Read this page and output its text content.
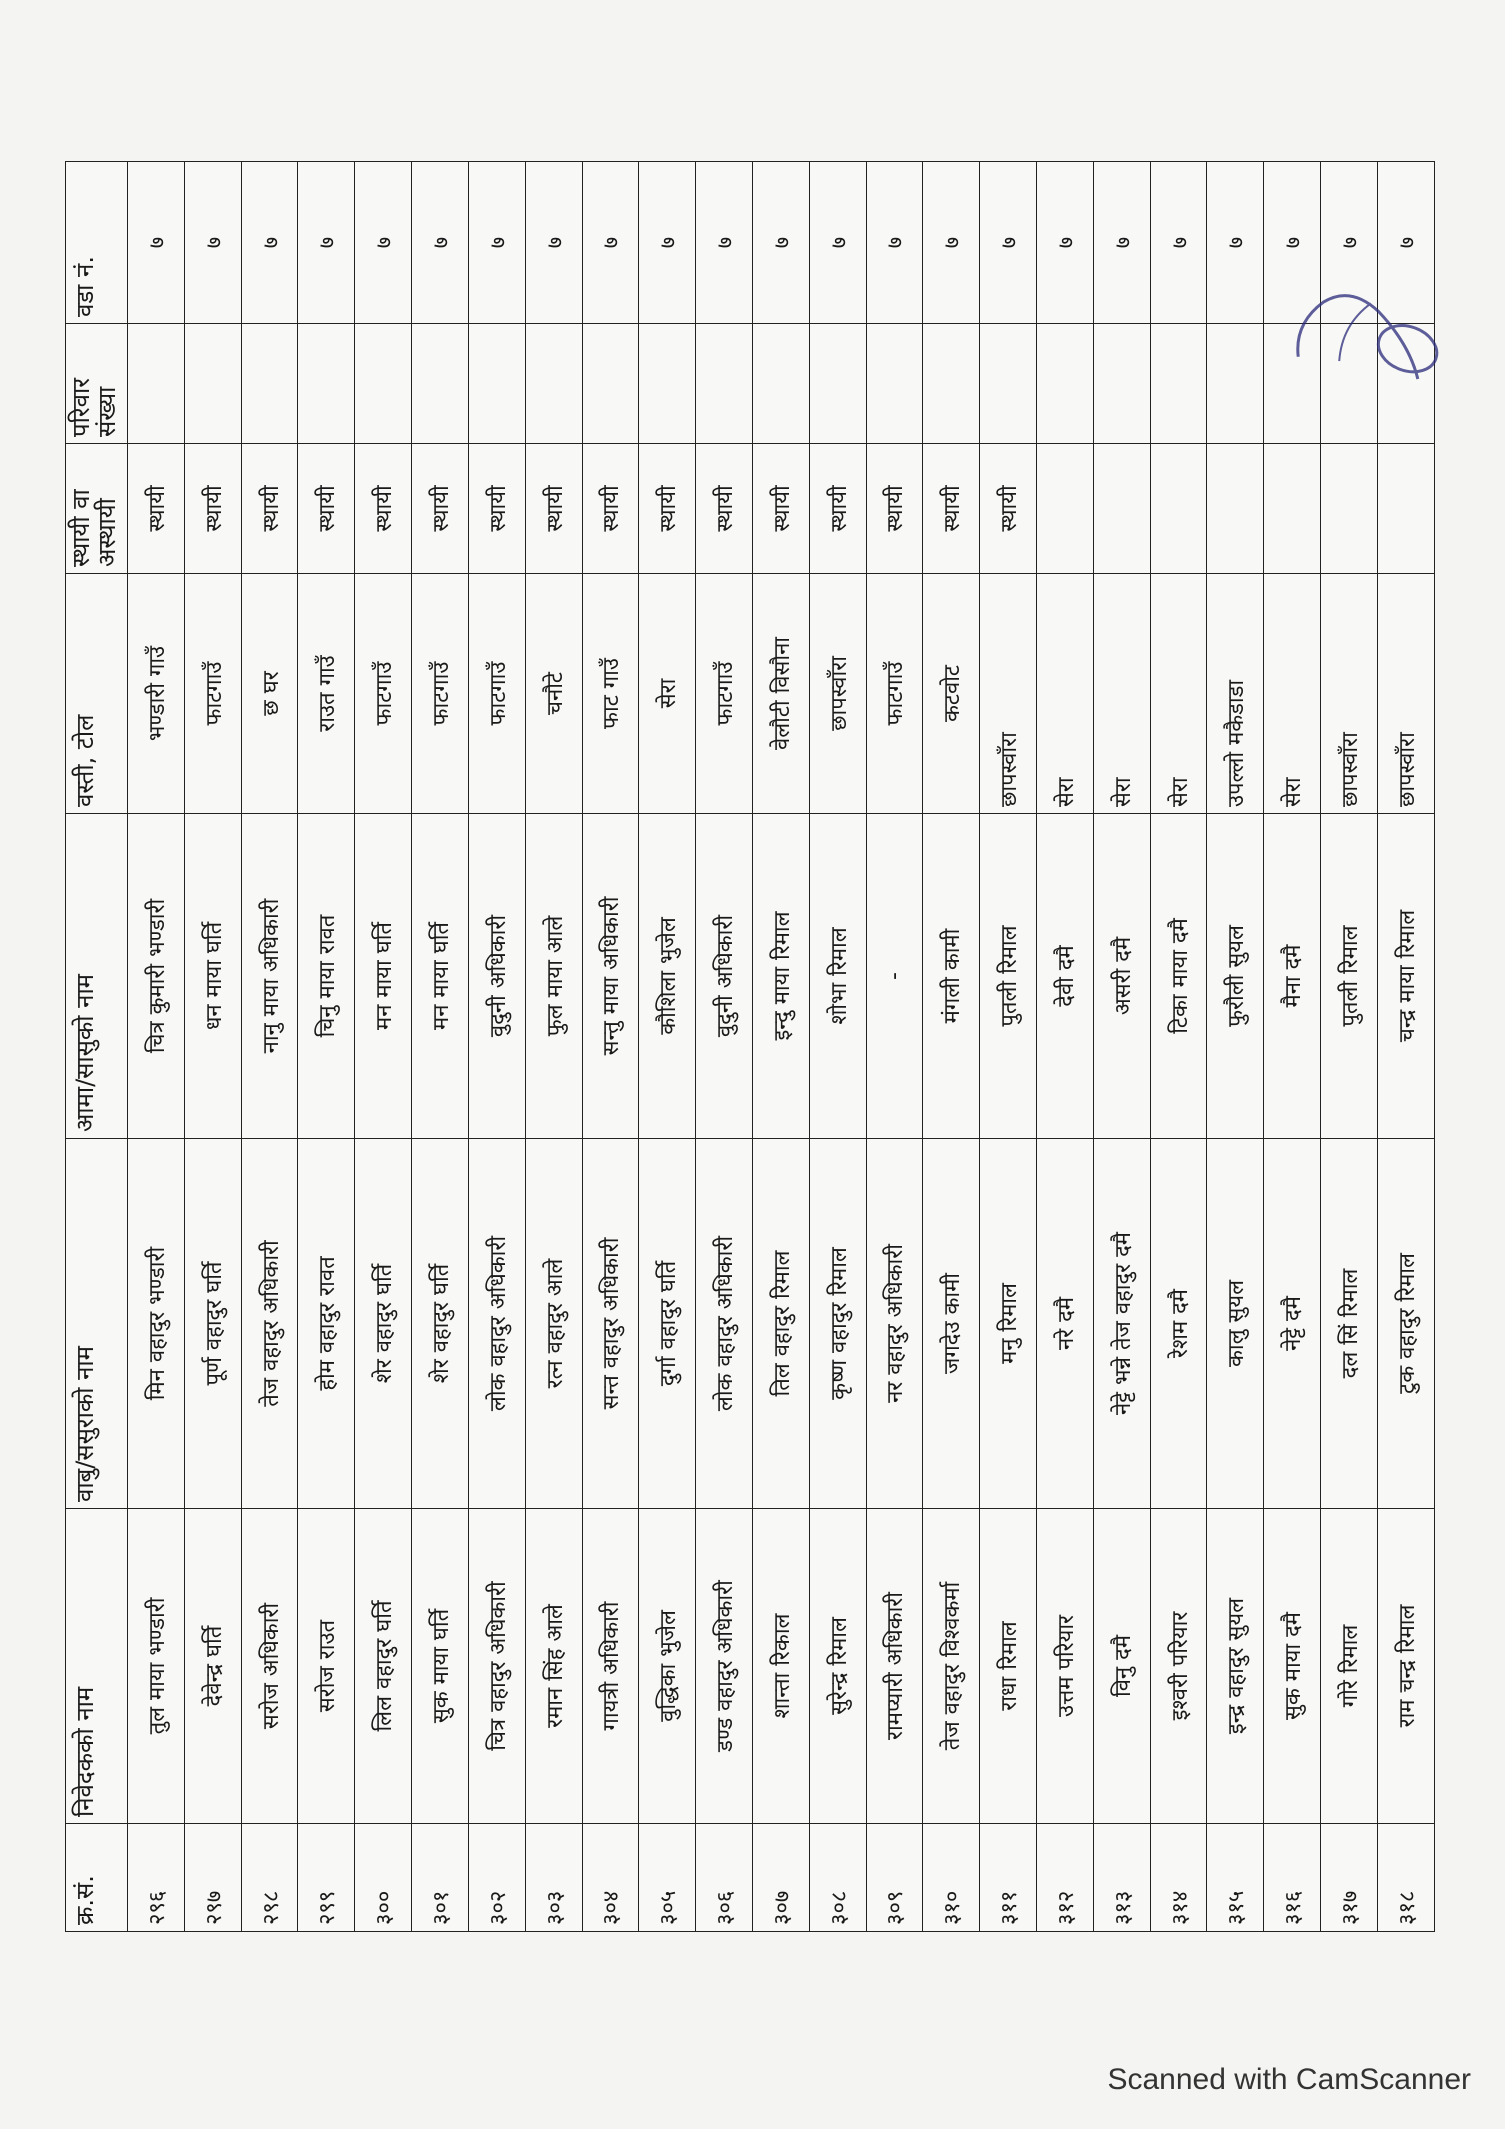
क्र.सं.	निवेदकको नाम	वाबु/ससुराको नाम	आमा/सासुको नाम	वस्ती, टोल	स्थायी वा अस्थायी	परिवार संख्या	वडा नं.
२९६	तुल माया भण्डारी	मिन वहादुर भण्डारी	चित्र कुमारी भण्डारी	भण्डारी गाउँ	स्थायी		७
२९७	देवेन्द्र घर्ति	पूर्ण वहादुर घर्ति	धन माया घर्ति	फाटगाउँ	स्थायी		७
२९८	सरोज अधिकारी	तेज वहादुर अधिकारी	नानु माया अधिकारी	छ घर	स्थायी		७
२९९	सरोज राउत	होम वहादुर रावत	चिनु माया रावत	राउत गाउँ	स्थायी		७
३००	लिल वहादुर घर्ति	शेर वहादुर घर्ति	मन माया घर्ति	फाटगाउँ	स्थायी		७
३०१	सुक माया घर्ति	शेर वहादुर घर्ति	मन माया घर्ति	फाटगाउँ	स्थायी		७
३०२	चित्र वहादुर अधिकारी	लोक वहादुर अधिकारी	वुदुनी अधिकारी	फाटगाउँ	स्थायी		७
३०३	रमान सिंह आले	रत्न वहादुर आले	फुल माया आले	चनौटे	स्थायी		७
३०४	गायत्री अधिकारी	सन्त वहादुर अधिकारी	सन्तु माया अधिकारी	फाट गाउँ	स्थायी		७
३०५	वुद्धिका भुजेल	दुर्गा वहादुर घर्ति	कौशिला भुजेल	सेरा	स्थायी		७
३०६	डण्ड वहादुर अधिकारी	लोक वहादुर अधिकारी	वुदुनी अधिकारी	फाटगाउँ	स्थायी		७
३०७	शान्ता रिकाल	तिल वहादुर रिमाल	इन्दु माया रिमाल	वेलौटी विसौना	स्थायी		७
३०८	सुरेन्द्र रिमाल	कृष्ण वहादुर रिमाल	शोभा रिमाल	छापस्वाँरा	स्थायी		७
३०९	रामप्यारी अधिकारी	नर वहादुर अधिकारी	-	फाटगाउँ	स्थायी		७
३१०	तेज वहादुर विश्वकर्मा	जगदेउ कामी	मंगली कामी	कटवोट	स्थायी		७
३११	राधा रिमाल	मनु रिमाल	पुतली रिमाल	छापस्वाँरा	स्थायी		७
३१२	उत्तम परियार	नरे दमै	देवी दमै	सेरा			७
३१३	विनु दमै	नेट्टे भन्ने तेज वहादुर दमै	असरी दमै	सेरा			७
३१४	इश्वरी परियार	रेशम दमै	टिका माया दमै	सेरा			७
३१५	इन्द्र वहादुर सुयल	कालु सुयल	फुरौली सुयल	उपल्लो मकैडाडा			७
३१६	सुक माया दमै	नेट्टे दमै	मैना दमै	सेरा			७
३१७	गोरे रिमाल	दल सिं रिमाल	पुतली रिमाल	छापस्वाँरा			७
३१८	राम चन्द्र रिमाल	टुक वहादुर रिमाल	चन्द्र माया रिमाल	छापस्वाँरा			७
Scanned with CamScanner
